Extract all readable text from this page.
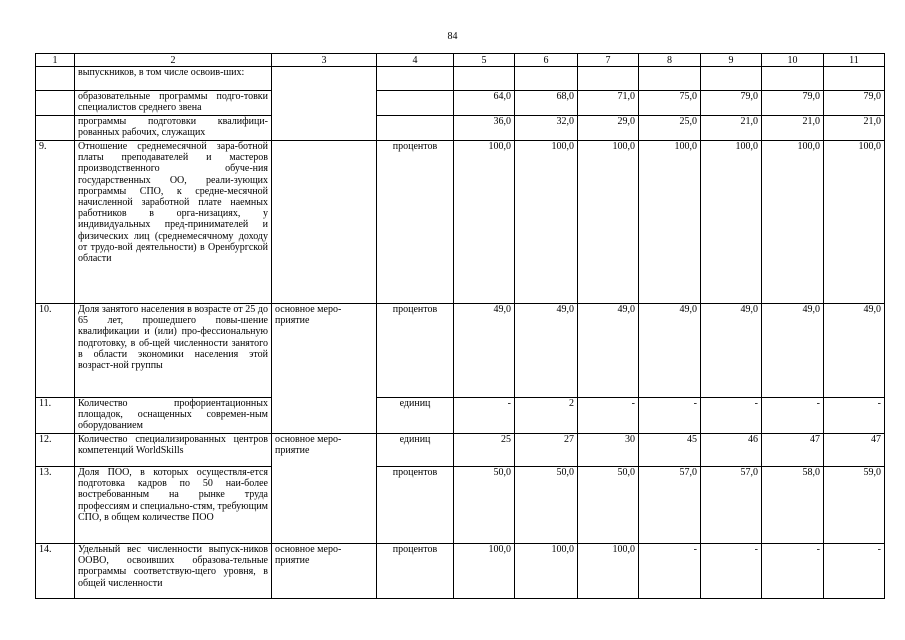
84
1	2	3	4	5	6	7	8	9	10	11
	выпускников, в том числе освоив-ших:									
	образовательные программы подго-товки специалистов среднего звена			64,0	68,0	71,0	75,0	79,0	79,0	79,0
	программы подготовки квалифици-рованных рабочих, служащих			36,0	32,0	29,0	25,0	21,0	21,0	21,0
9.	Отношение среднемесячной зара-ботной платы преподавателей и мастеров производственного обуче-ния государственных ОО, реали-зующих программы СПО, к средне-месячной начисленной заработной плате наемных работников в орга-низациях, у индивидуальных пред-принимателей и физических лиц (среднемесячному доходу от трудо-вой деятельности) в Оренбургской области		процентов	100,0	100,0	100,0	100,0	100,0	100,0	100,0
10.	Доля занятого населения в возрасте от 25 до 65 лет, прошедшего повы-шение квалификации и (или) про-фессиональную подготовку, в об-щей численности занятого в области экономики населения этой возраст-ной группы	основное меро-приятие	процентов	49,0	49,0	49,0	49,0	49,0	49,0	49,0
11.	Количество профориентационных площадок, оснащенных современ-ным оборудованием		единиц	-	2	-	-	-	-	-
12.	Количество специализированных центров компетенций WorldSkills	основное меро-приятие	единиц	25	27	30	45	46	47	47
13.	Доля ПОО, в которых осуществля-ется подготовка кадров по 50 наи-более востребованным на рынке труда профессиям и специально-стям, требующим СПО, в общем количестве ПОО		процентов	50,0	50,0	50,0	57,0	57,0	58,0	59,0
14.	Удельный вес численности выпуск-ников ООВО, освоивших образова-тельные программы соответствую-щего уровня, в общей численности	основное меро-приятие	процентов	100,0	100,0	100,0	-	-	-	-
